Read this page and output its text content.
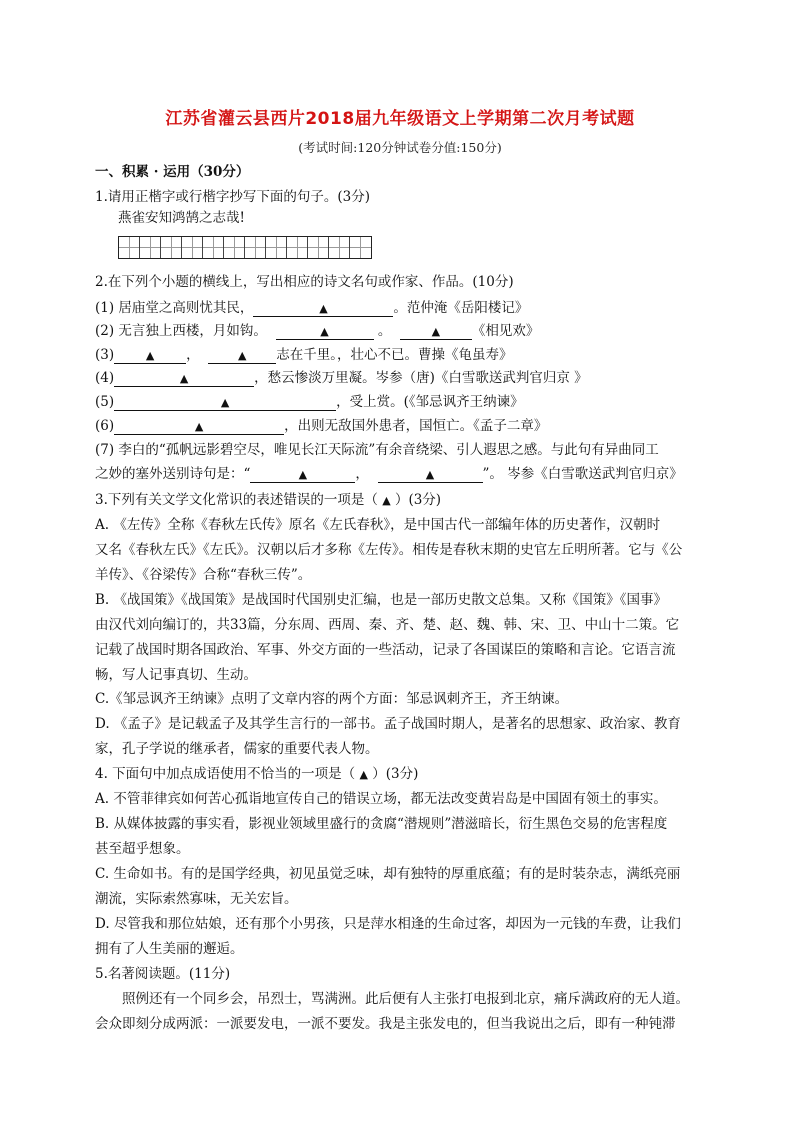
江苏省灌云县西片2018届九年级语文上学期第二次月考试题
(考试时间:120分钟试卷分值:150分)
一、积累 · 运用（30分）
1.请用正楷字或行楷字抄写下面的句子。(3分)
燕雀安知鸿鹄之志哉!
2.在下列个小题的横线上，写出相应的诗文名句或作家、作品。(10分)
(1) 居庙堂之高则忧其民，	▲	。范仲淹《岳阳楼记》
(2) 无言独上西楼，月如钩。	▲	。	▲ 《相见欢》
(3)	▲ ，	▲ 志在千里。，壮心不已。曹操《龟虽寿》
(4)	▲	，愁云惨淡万里凝。岑参（唐)《白雪歌送武判官归京 》
(5)	▲	，受上赏。(《邹忌讽齐王纳谏》
(6)	▲	，出则无敌国外患者，国恒亡。《孟子二章》
(7) 李白的“孤帆远影碧空尽，唯见长江天际流”有余音绕梁、引人遐思之感。与此句有异曲同工
之妙的塞外送别诗句是：“	▲	，	▲	”。 岑参《白雪歌送武判官归京》
3.下列有关文学文化常识的表述错误的一项是（ ▲ ）(3分)
A. 《左传》全称《春秋左氏传》原名《左氏春秋》，是中国古代一部编年体的历史著作，汉朝时
又名《春秋左氏》《左氏》。汉朝以后才多称《左传》。相传是春秋末期的史官左丘明所著。它与《公
羊传》、《谷梁传》合称“春秋三传”。
B. 《战国策》《战国策》是战国时代国别史汇编，也是一部历史散文总集。又称《国策》《国事》
由汉代刘向编订的，共33篇，分东周、西周、秦、齐、楚、赵、魏、韩、宋、卫、中山十二策。它
记载了战国时期各国政治、军事、外交方面的一些活动，记录了各国谋臣的策略和言论。它语言流
畅，写人记事真切、生动。
C.《邹忌讽齐王纳谏》点明了文章内容的两个方面：邹忌讽刺齐王，齐王纳谏。
D. 《孟子》是记载孟子及其学生言行的一部书。孟子战国时期人，是著名的思想家、政治家、教育
家，孔子学说的继承者，儒家的重要代表人物。
4. 下面句中加点成语使用不恰当的一项是（ ▲ ）(3分)
A. 不管菲律宾如何苦心孤诣地宣传自己的错误立场，都无法改变黄岩岛是中国固有领土的事实。
B. 从媒体披露的事实看，影视业领域里盛行的贪腐“潜规则”潜滋暗长，衍生黑色交易的危害程度
甚至超乎想象。
C. 生命如书。有的是国学经典，初见虽觉乏味，却有独特的厚重底蕴；有的是时装杂志，满纸亮丽
潮流，实际索然寡味，无关宏旨。
D. 尽管我和那位姑娘，还有那个小男孩，只是萍水相逢的生命过客，却因为一元钱的车费，让我们
拥有了人生美丽的邂逅。
5.名著阅读题。(11分)
照例还有一个同乡会，吊烈士，骂满洲。此后便有人主张打电报到北京，痛斥满政府的无人道。
会众即刻分成两派：一派要发电，一派不要发。我是主张发电的，但当我说出之后，即有一种钝滞
